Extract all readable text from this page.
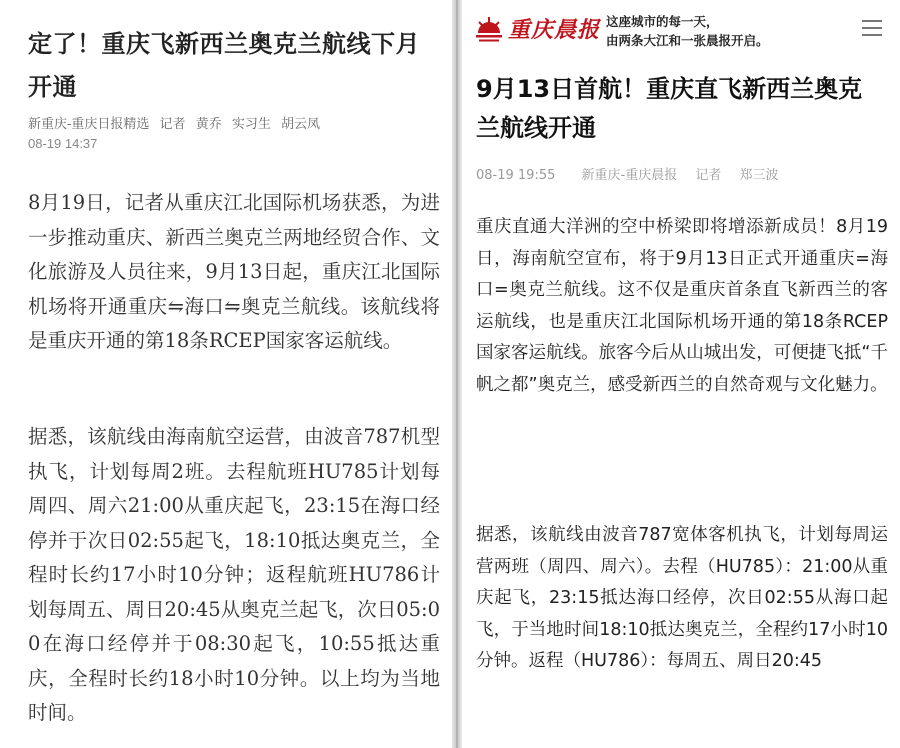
定了！重庆飞新西兰奥克兰航线下月开通
新重庆-重庆日报精选 记者 黄乔 实习生 胡云凤
08-19 14:37

8月19日，记者从重庆江北国际机场获悉，为进一步推动重庆、新西兰奥克兰两地经贸合作、文化旅游及人员往来，9月13日起，重庆江北国际机场将开通重庆⇋海口⇋奥克兰航线。该航线将是重庆开通的第18条RCEP国家客运航线。

据悉，该航线由海南航空运营，由波音787机型执飞，计划每周2班。去程航班HU785计划每周四、周六21:00从重庆起飞，23:15在海口经停并于次日02:55起飞，18:10抵达奥克兰，全程时长约17小时10分钟；返程航班HU786计划每周五、周日20:45从奥克兰起飞，次日05:00在海口经停并于08:30起飞，10:55抵达重庆，全程时长约18小时10分钟。以上均为当地时间。

重庆晨报 这座城市的每一天，
由两条大江和一张晨报开启。
9月13日首航！重庆直飞新西兰奥克兰航线开通
08-19 19:55 新重庆-重庆晨报 记者 郑三波

重庆直通大洋洲的空中桥梁即将增添新成员！8月19日，海南航空宣布，将于9月13日正式开通重庆=海口=奥克兰航线。这不仅是重庆首条直飞新西兰的客运航线，也是重庆江北国际机场开通的第18条RCEP国家客运航线。旅客今后从山城出发，可便捷飞抵“千帆之都”奥克兰，感受新西兰的自然奇观与文化魅力。

据悉，该航线由波音787宽体客机执飞，计划每周运营两班（周四、周六）。去程（HU785）：21:00从重庆起飞，23:15抵达海口经停，次日02:55从海口起飞，于当地时间18:10抵达奥克兰，全程约17小时10分钟。返程（HU786）：每周五、周日20:45
